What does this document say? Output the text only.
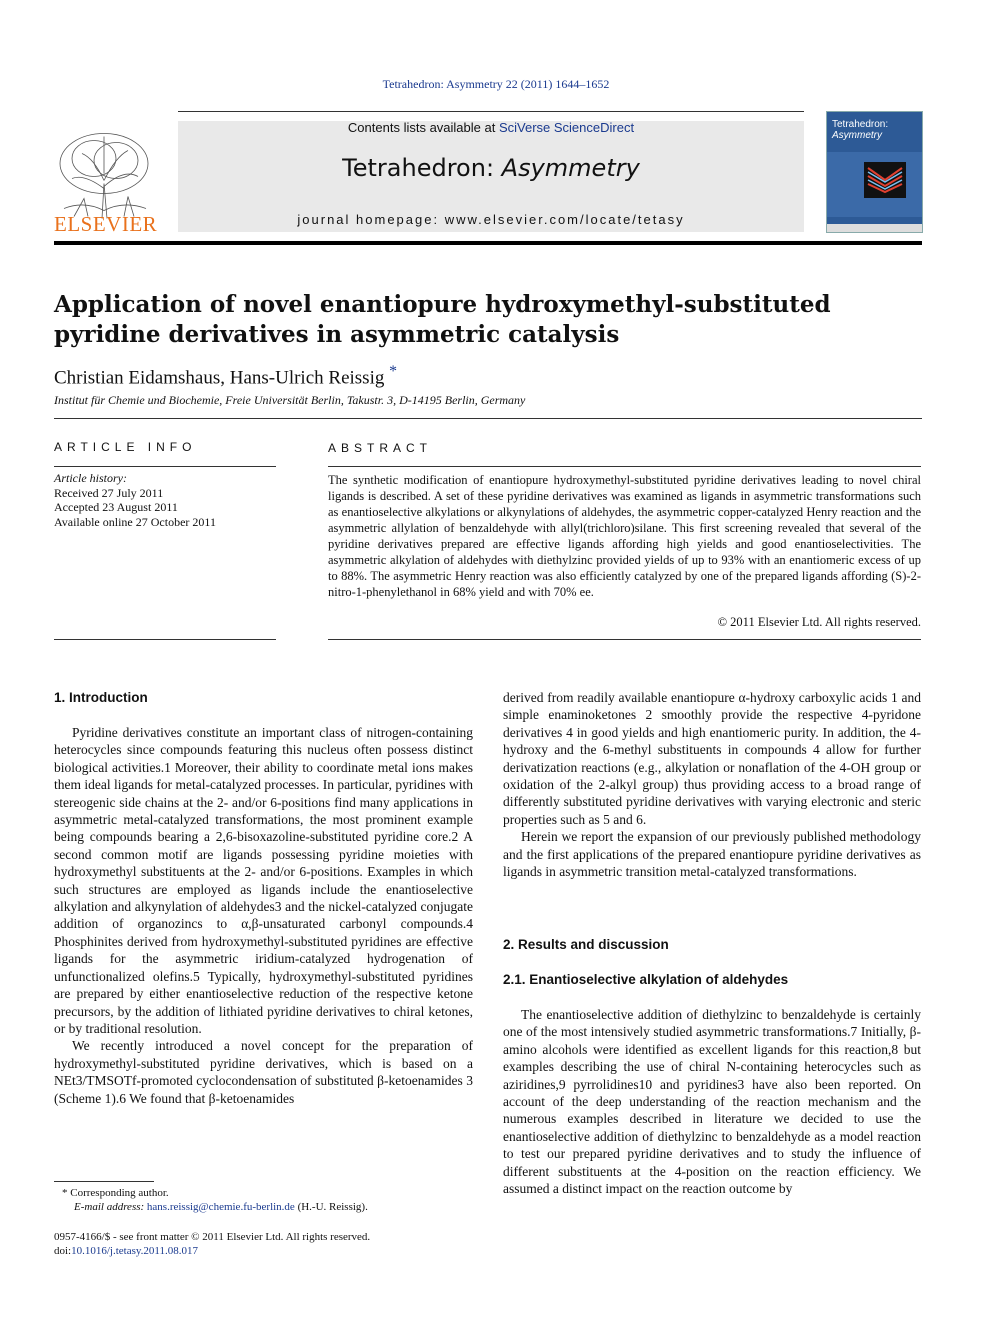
Tetrahedron: Asymmetry 22 (2011) 1644–1652
ELSEVIER
Contents lists available at SciVerse ScienceDirect
Tetrahedron: Asymmetry
journal homepage: www.elsevier.com/locate/tetasy
Tetrahedron:
Asymmetry
Application of novel enantiopure hydroxymethyl-substituted pyridine derivatives in asymmetric catalysis
Christian Eidamshaus, Hans-Ulrich Reissig *
Institut für Chemie und Biochemie, Freie Universität Berlin, Takustr. 3, D-14195 Berlin, Germany
ARTICLE INFO	ABSTRACT
Article history:
Received 27 July 2011
Accepted 23 August 2011
Available online 27 October 2011
The synthetic modification of enantiopure hydroxymethyl-substituted pyridine derivatives leading to novel chiral ligands is described. A set of these pyridine derivatives was examined as ligands in asymmetric transformations such as enantioselective alkylations or alkynylations of aldehydes, the asymmetric copper-catalyzed Henry reaction and the asymmetric allylation of benzaldehyde with allyl(trichloro)silane. This first screening revealed that several of the pyridine derivatives prepared are effective ligands affording high yields and good enantioselectivities. The asymmetric alkylation of aldehydes with diethylzinc provided yields of up to 93% with an enantiomeric excess of up to 88%. The asymmetric Henry reaction was also efficiently catalyzed by one of the prepared ligands affording (S)-2-nitro-1-phenylethanol in 68% yield and with 70% ee.
© 2011 Elsevier Ltd. All rights reserved.
1. Introduction

Pyridine derivatives constitute an important class of nitrogen-containing heterocycles since compounds featuring this nucleus often possess distinct biological activities.1 Moreover, their ability to coordinate metal ions makes them ideal ligands for metal-catalyzed processes. In particular, pyridines with stereogenic side chains at the 2- and/or 6-positions find many applications in asymmetric metal-catalyzed transformations, the most prominent example being compounds bearing a 2,6-bisoxazoline-substituted pyridine core.2 A second common motif are ligands possessing pyridine moieties with hydroxymethyl substituents at the 2- and/or 6-positions. Examples in which such structures are employed as ligands include the enantioselective alkylation and alkynylation of aldehydes3 and the nickel-catalyzed conjugate addition of organozincs to α,β-unsaturated carbonyl compounds.4 Phosphinites derived from hydroxymethyl-substituted pyridines are effective ligands for the asymmetric iridium-catalyzed hydrogenation of unfunctionalized olefins.5 Typically, hydroxymethyl-substituted pyridines are prepared by either enantioselective reduction of the respective ketone precursors, by the addition of lithiated pyridine derivatives to chiral ketones, or by traditional resolution.

We recently introduced a novel concept for the preparation of hydroxymethyl-substituted pyridine derivatives, which is based on a NEt3/TMSOTf-promoted cyclocondensation of substituted β-ketoenamides 3 (Scheme 1).6 We found that β-ketoenamides

derived from readily available enantiopure α-hydroxy carboxylic acids 1 and simple enaminoketones 2 smoothly provide the respective 4-pyridone derivatives 4 in good yields and high enantiomeric purity. In addition, the 4-hydroxy and the 6-methyl substituents in compounds 4 allow for further derivatization reactions (e.g., alkylation or nonaflation of the 4-OH group or oxidation of the 2-alkyl group) thus providing access to a broad range of differently substituted pyridine derivatives with varying electronic and steric properties such as 5 and 6.

Herein we report the expansion of our previously published methodology and the first applications of the prepared enantiopure pyridine derivatives as ligands in asymmetric transition metal-catalyzed transformations.

2. Results and discussion
2.1. Enantioselective alkylation of aldehydes

The enantioselective addition of diethylzinc to benzaldehyde is certainly one of the most intensively studied asymmetric transformations.7 Initially, β-amino alcohols were identified as excellent ligands for this reaction,8 but examples describing the use of chiral N-containing heterocycles such as aziridines,9 pyrrolidines10 and pyridines3 have also been reported. On account of the deep understanding of the reaction mechanism and the numerous examples described in literature we decided to use the enantioselective addition of diethylzinc to benzaldehyde as a model reaction to test our prepared pyridine derivatives and to study the influence of different substituents at the 4-position on the reaction efficiency. We assumed a distinct impact on the reaction outcome by

* Corresponding author.
E-mail address: hans.reissig@chemie.fu-berlin.de (H.-U. Reissig).
0957-4166/$ - see front matter © 2011 Elsevier Ltd. All rights reserved.
doi:10.1016/j.tetasy.2011.08.017
